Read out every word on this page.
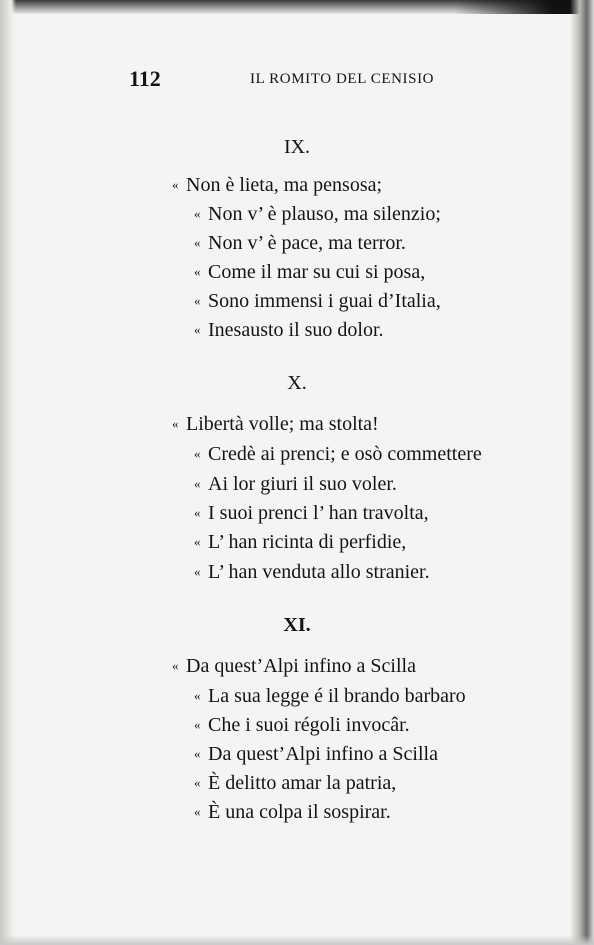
112	IL ROMITO DEL CENISIO
IX.
« Non è lieta, ma pensosa;
« Non v’ è plauso, ma silenzio;
« Non v’ è pace, ma terror.
« Come il mar su cui si posa,
« Sono immensi i guai d’Italia,
« Inesausto il suo dolor.
X.
« Libertà volle; ma stolta!
« Credè ai prenci; e osò commettere
« Ai lor giuri il suo voler.
« I suoi prenci l’ han travolta,
« L’ han ricinta di perfidie,
« L’ han venduta allo stranier.
XI.
« Da quest’Alpi infino a Scilla
« La sua legge é il brando barbaro
« Che i suoi régoli invocâr.
« Da quest’Alpi infino a Scilla
« È delitto amar la patria,
« È una colpa il sospirar.
